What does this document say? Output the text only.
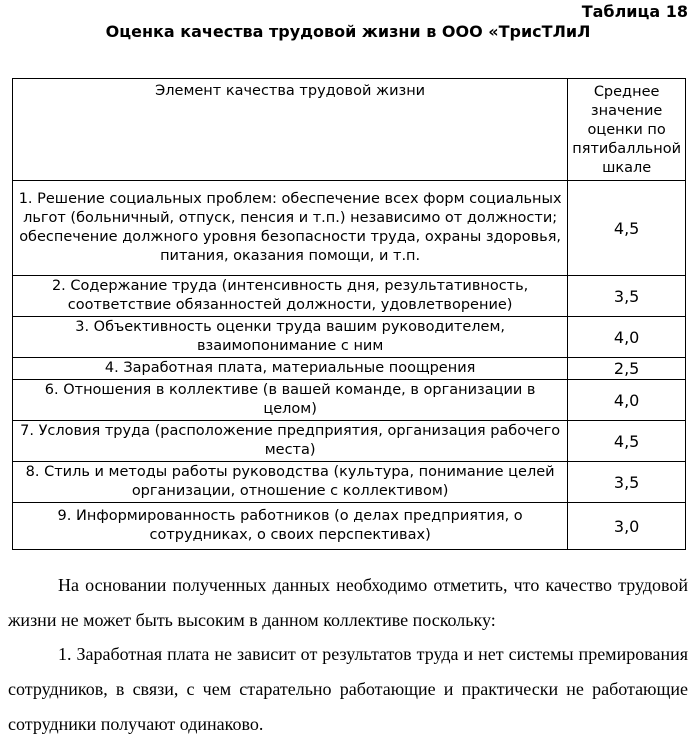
Таблица 18
Оценка качества трудовой жизни в ООО «ТрисТЛиЛ
Элемент качества трудовой жизни	Среднее значение оценки по пятибалльной шкале
1. Решение социальных проблем: обеспечение всех форм социальных льгот (больничный, отпуск, пенсия и т.п.) независимо от должности; обеспечение должного уровня безопасности труда, охраны здоровья, питания, оказания помощи, и т.п.	4,5
2. Содержание труда (интенсивность дня, результативность, соответствие обязанностей должности, удовлетворение)	3,5
3. Объективность оценки труда вашим руководителем, взаимопонимание с ним	4,0
4. Заработная плата, материальные поощрения	2,5
6. Отношения в коллективе (в вашей команде, в организации в целом)	4,0
7. Условия труда (расположение предприятия, организация рабочего места)	4,5
8. Стиль и методы работы руководства (культура, понимание целей организации, отношение с коллективом)	3,5
9. Информированность работников (о делах предприятия, о сотрудниках, о своих перспективах)	3,0
На основании полученных данных необходимо отметить, что качество трудовой жизни не может быть высоким в данном коллективе поскольку:
1. Заработная плата не зависит от результатов труда и нет системы премирования сотрудников, в связи, с чем старательно работающие и практически не работающие сотрудники получают одинаково.
